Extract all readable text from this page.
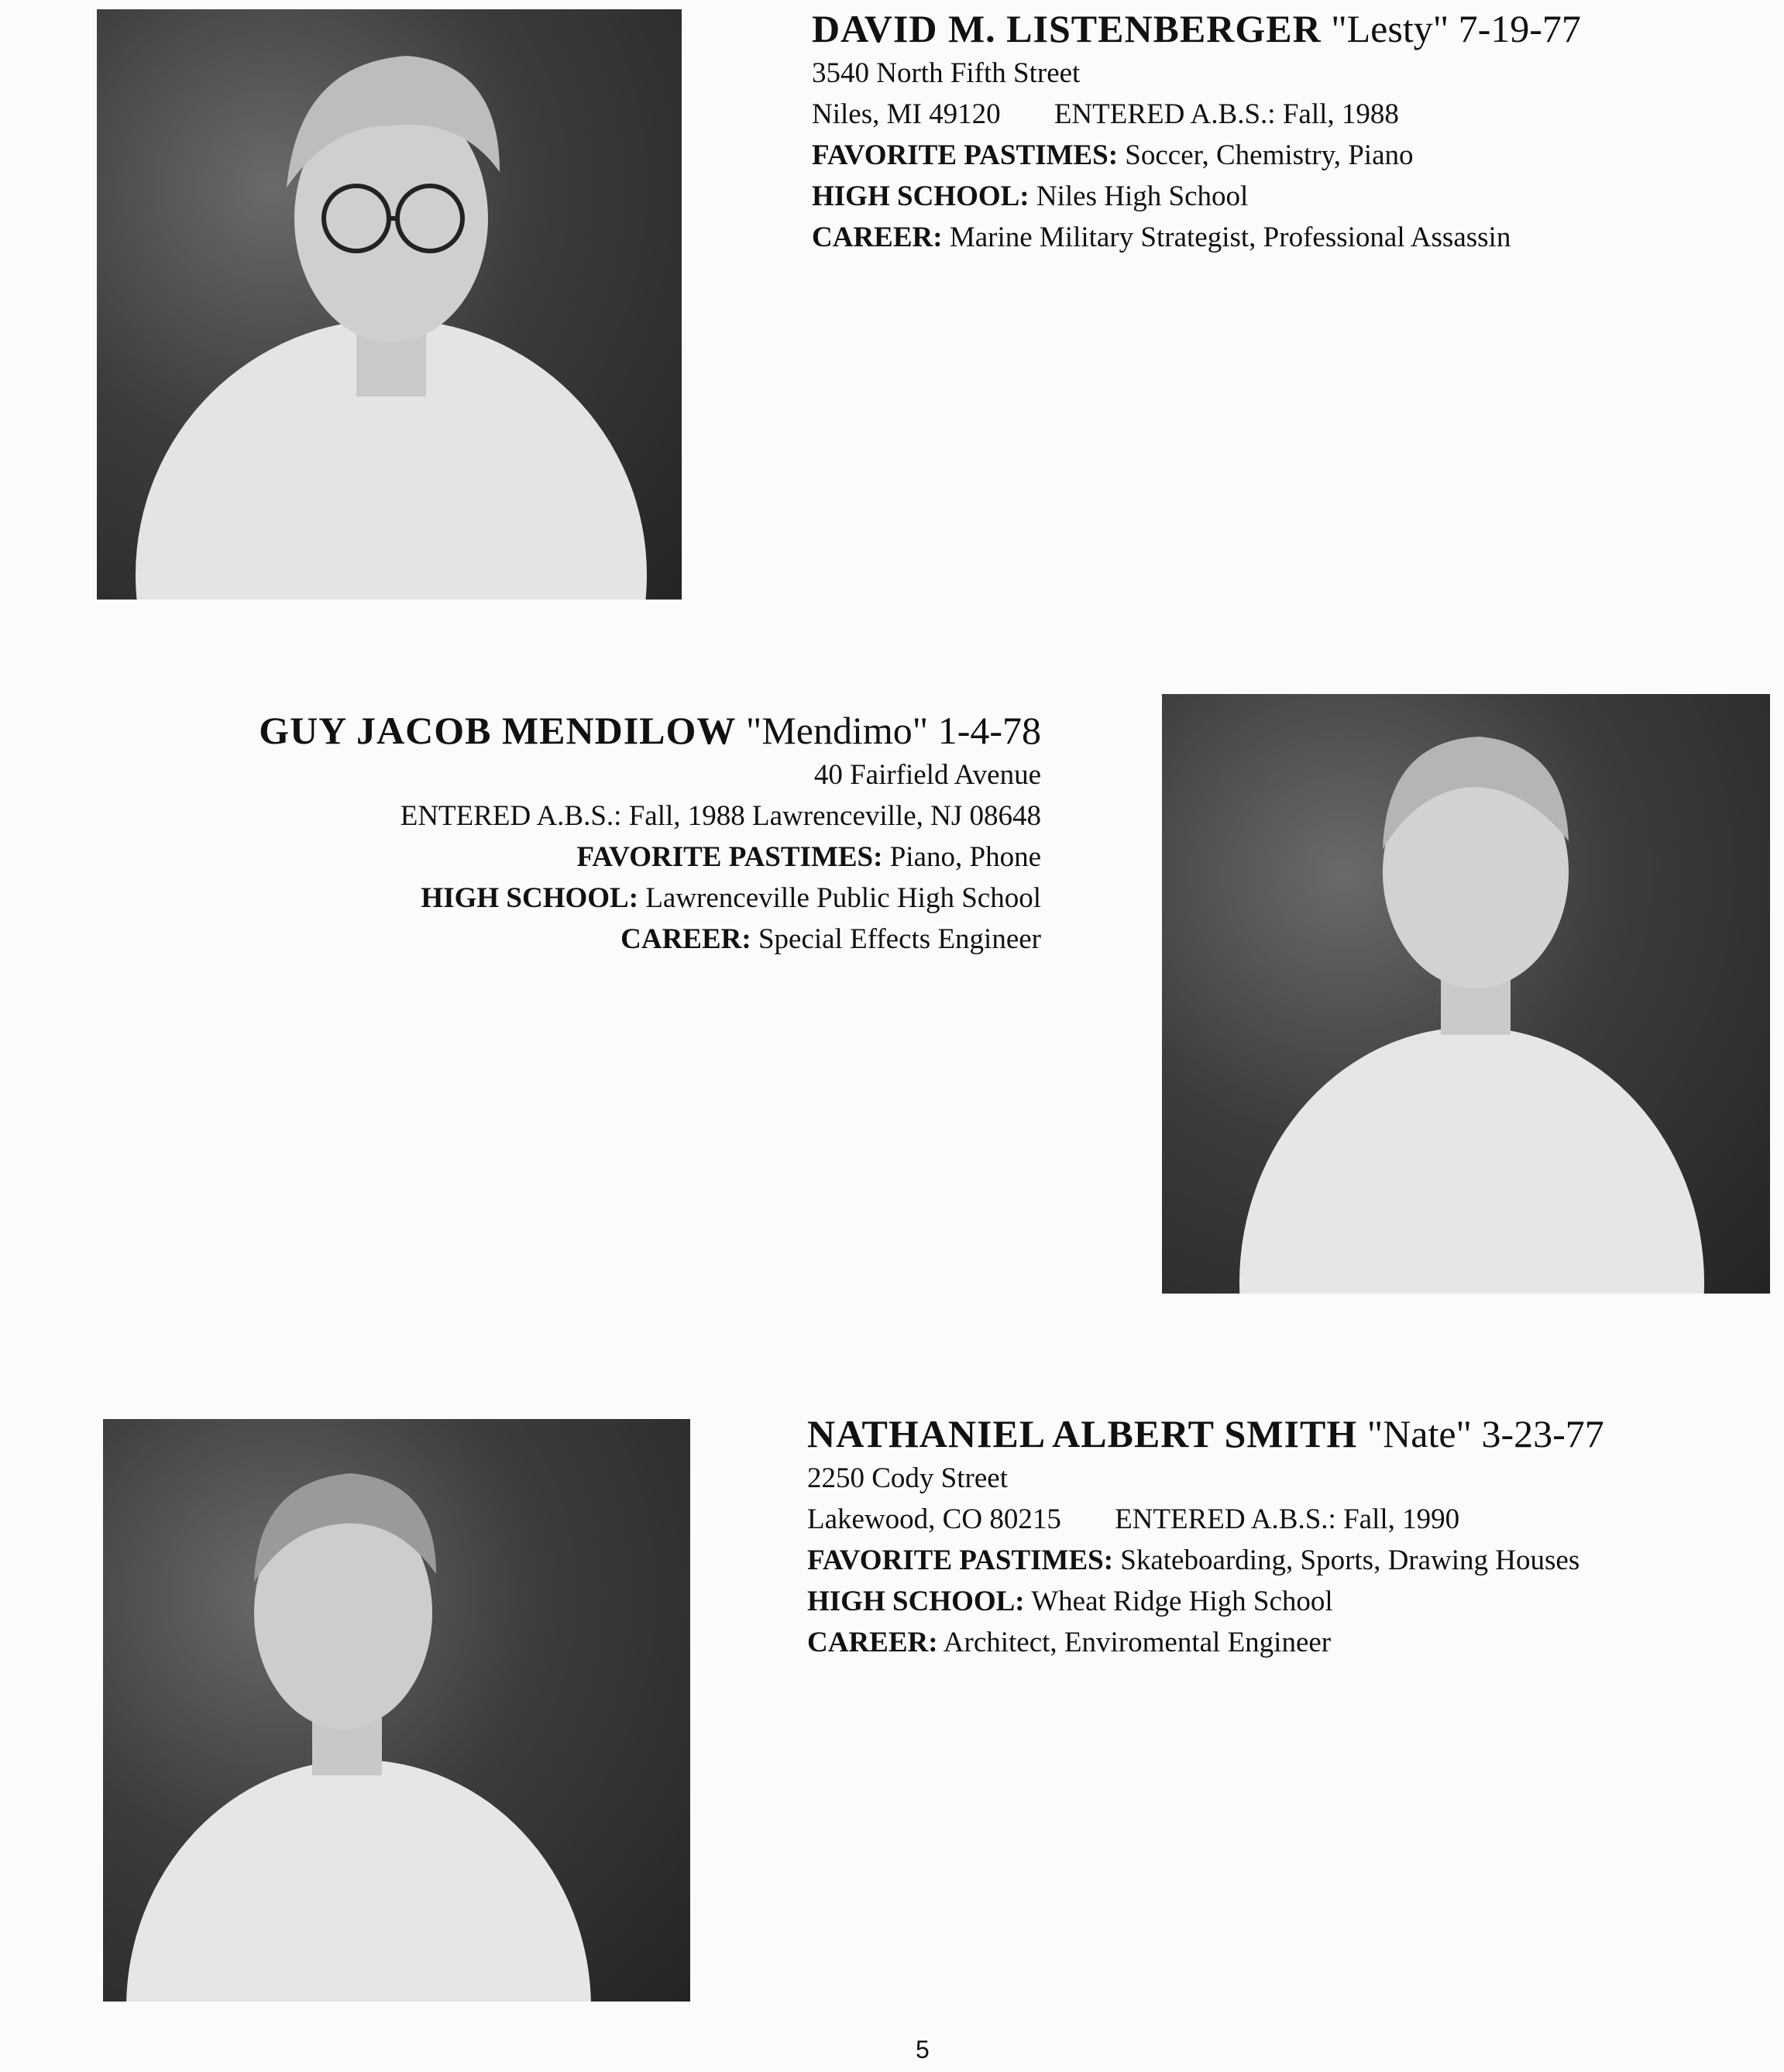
DAVID M. LISTENBERGER "Lesty" 7-19-77
3540 North Fifth Street
Niles, MI 49120 ENTERED A.B.S.: Fall, 1988
FAVORITE PASTIMES: Soccer, Chemistry, Piano
HIGH SCHOOL: Niles High School
CAREER: Marine Military Strategist, Professional Assassin
GUY JACOB MENDILOW "Mendimo" 1-4-78
40 Fairfield Avenue
ENTERED A.B.S.: Fall, 1988 Lawrenceville, NJ 08648
FAVORITE PASTIMES: Piano, Phone
HIGH SCHOOL: Lawrenceville Public High School
CAREER: Special Effects Engineer
NATHANIEL ALBERT SMITH "Nate" 3-23-77
2250 Cody Street
Lakewood, CO 80215 ENTERED A.B.S.: Fall, 1990
FAVORITE PASTIMES: Skateboarding, Sports, Drawing Houses
HIGH SCHOOL: Wheat Ridge High School
CAREER: Architect, Enviromental Engineer
5
